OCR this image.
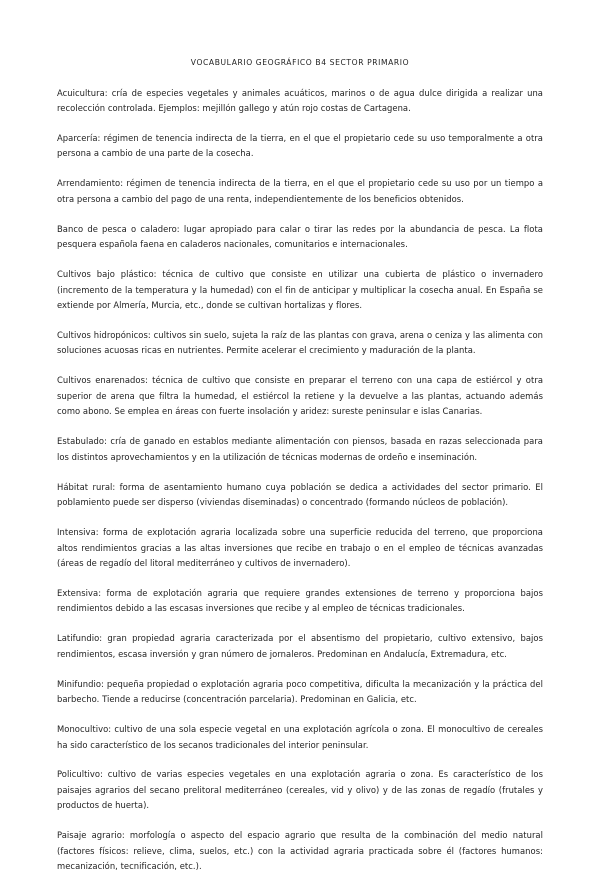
VOCABULARIO GEOGRÁFICO B4 SECTOR PRIMARIO

Acuicultura: cría de especies vegetales y animales acuáticos, marinos o de agua dulce dirigida a realizar una recolección controlada. Ejemplos: mejillón gallego y atún rojo costas de Cartagena.

Aparcería: régimen de tenencia indirecta de la tierra, en el que el propietario cede su uso temporalmente a otra persona a cambio de una parte de la cosecha.

Arrendamiento: régimen de tenencia indirecta de la tierra, en el que el propietario cede su uso por un tiempo a otra persona a cambio del pago de una renta, independientemente de los beneficios obtenidos.

Banco de pesca o caladero: lugar apropiado para calar o tirar las redes por la abundancia de pesca. La flota pesquera española faena en caladeros nacionales, comunitarios e internacionales.

Cultivos bajo plástico: técnica de cultivo que consiste en utilizar una cubierta de plástico o invernadero (incremento de la temperatura y la humedad) con el fin de anticipar y multiplicar la cosecha anual. En España se extiende por Almería, Murcia, etc., donde se cultivan hortalizas y flores.

Cultivos hidropónicos: cultivos sin suelo, sujeta la raíz de las plantas con grava, arena o ceniza y las alimenta con soluciones acuosas ricas en nutrientes. Permite acelerar el crecimiento y maduración de la planta.

Cultivos enarenados: técnica de cultivo que consiste en preparar el terreno con una capa de estiércol y otra superior de arena que filtra la humedad, el estiércol la retiene y la devuelve a las plantas, actuando además como abono. Se emplea en áreas con fuerte insolación y aridez: sureste peninsular e islas Canarias.

Estabulado: cría de ganado en establos mediante alimentación con piensos, basada en razas seleccionada para los distintos aprovechamientos y en la utilización de técnicas modernas de ordeño e inseminación.

Hábitat rural: forma de asentamiento humano cuya población se dedica a actividades del sector primario. El poblamiento puede ser disperso (viviendas diseminadas) o concentrado (formando núcleos de población).

Intensiva: forma de explotación agraria localizada sobre una superficie reducida del terreno, que proporciona altos rendimientos gracias a las altas inversiones que recibe en trabajo o en el empleo de técnicas avanzadas (áreas de regadío del litoral mediterráneo y cultivos de invernadero).

Extensiva: forma de explotación agraria que requiere grandes extensiones de terreno y proporciona bajos rendimientos debido a las escasas inversiones que recibe y al empleo de técnicas tradicionales.

Latifundio: gran propiedad agraria caracterizada por el absentismo del propietario, cultivo extensivo, bajos rendimientos, escasa inversión y gran número de jornaleros. Predominan en Andalucía, Extremadura, etc.

Minifundio: pequeña propiedad o explotación agraria poco competitiva, dificulta la mecanización y la práctica del barbecho. Tiende a reducirse (concentración parcelaria). Predominan en Galicia, etc.

Monocultivo: cultivo de una sola especie vegetal en una explotación agrícola o zona. El monocultivo de cereales ha sido característico de los secanos tradicionales del interior peninsular.

Policultivo: cultivo de varias especies vegetales en una explotación agraria o zona. Es característico de los paisajes agrarios del secano prelitoral mediterráneo (cereales, vid y olivo) y de las zonas de regadío (frutales y productos de huerta).

Paisaje agrario: morfología o aspecto del espacio agrario que resulta de la combinación del medio natural (factores físicos: relieve, clima, suelos, etc.) con la actividad agraria practicada sobre él (factores humanos: mecanización, tecnificación, etc.).
